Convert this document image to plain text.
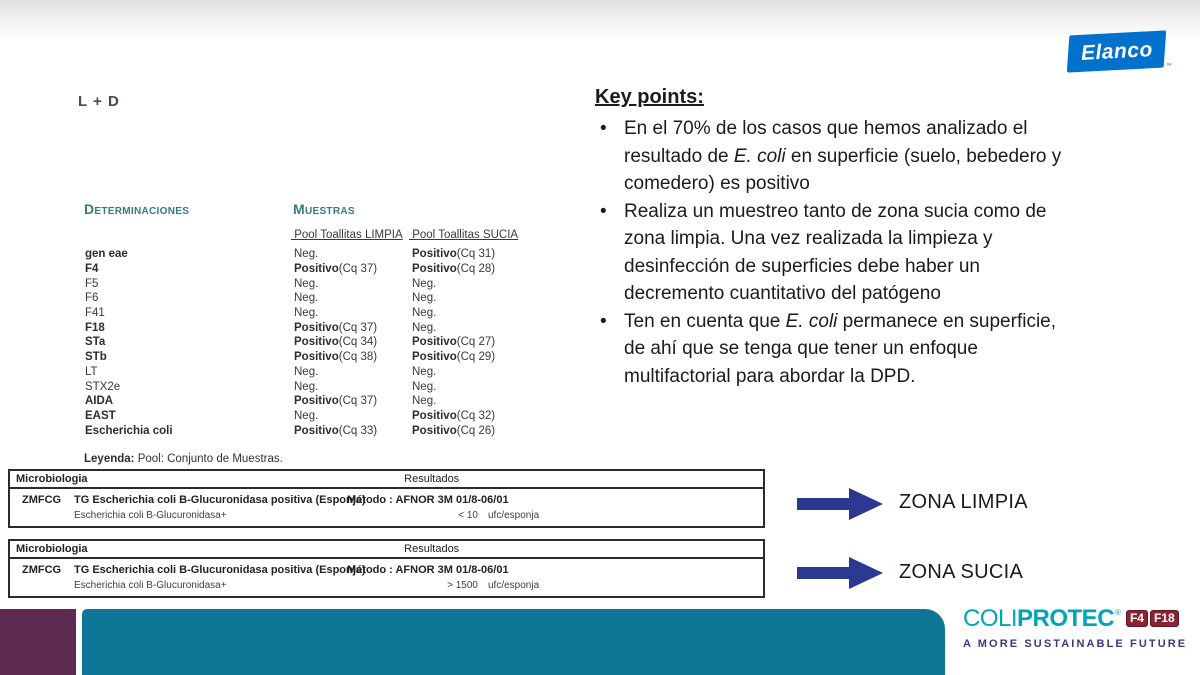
L + D
Elanco
™
Determinaciones	Muestras
Pool Toallitas LIMPIA Pool Toallitas SUCIA
gen eae	Neg.	Positivo(Cq 31)
F4	Positivo(Cq 37)	Positivo(Cq 28)
F5	Neg.	Neg.
F6	Neg.	Neg.
F41	Neg.	Neg.
F18	Positivo(Cq 37)	Neg.
STa	Positivo(Cq 34)	Positivo(Cq 27)
STb	Positivo(Cq 38)	Positivo(Cq 29)
LT	Neg.	Neg.
STX2e	Neg.	Neg.
AIDA	Positivo(Cq 37)	Neg.
EAST	Neg.	Positivo(Cq 32)
Escherichia coli	Positivo(Cq 33)	Positivo(Cq 26)
Leyenda: Pool: Conjunto de Muestras.
Key points:
• En el 70% de los casos que hemos analizado el resultado de E. coli en superficie (suelo, bebedero y comedero) es positivo
• Realiza un muestreo tanto de zona sucia como de zona limpia. Una vez realizada la limpieza y desinfección de superficies debe haber un decremento cuantitativo del patógeno
• Ten en cuenta que E. coli permanece en superficie, de ahí que se tenga que tener un enfoque multifactorial para abordar la DPD.
Microbiologia	Resultados
ZMFCG TG Escherichia coli B-Glucuronidasa positiva (Esponja)
Método : AFNOR 3M 01/8-06/01
Escherichia coli B-Glucuronidasa+	< 10 ufc/esponja
Microbiologia	Resultados
ZMFCG TG Escherichia coli B-Glucuronidasa positiva (Esponja)
Método : AFNOR 3M 01/8-06/01
Escherichia coli B-Glucuronidasa+	> 1500 ufc/esponja
ZONA LIMPIA
ZONA SUCIA
COLIPROTEC ® F4 F18
A MORE SUSTAINABLE FUTURE
